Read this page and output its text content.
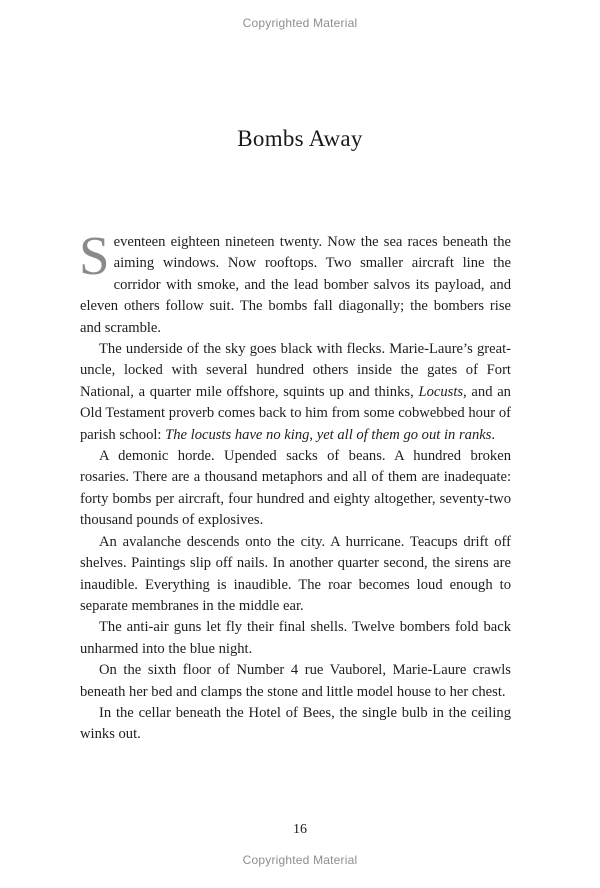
Copyrighted Material
Bombs Away

Seventeen eighteen nineteen twenty. Now the sea races beneath the aiming windows. Now rooftops. Two smaller aircraft line the corridor with smoke, and the lead bomber salvos its payload, and eleven others follow suit. The bombs fall diagonally; the bombers rise and scramble.

The underside of the sky goes black with flecks. Marie-Laure’s great-uncle, locked with several hundred others inside the gates of Fort National, a quarter mile offshore, squints up and thinks, Locusts, and an Old Testament proverb comes back to him from some cobwebbed hour of parish school: The locusts have no king, yet all of them go out in ranks.

A demonic horde. Upended sacks of beans. A hundred broken rosaries. There are a thousand metaphors and all of them are inadequate: forty bombs per aircraft, four hundred and eighty altogether, seventy-two thousand pounds of explosives.

An avalanche descends onto the city. A hurricane. Teacups drift off shelves. Paintings slip off nails. In another quarter second, the sirens are inaudible. Everything is inaudible. The roar becomes loud enough to separate membranes in the middle ear.

The anti-air guns let fly their final shells. Twelve bombers fold back unharmed into the blue night.

On the sixth floor of Number 4 rue Vauborel, Marie-Laure crawls beneath her bed and clamps the stone and little model house to her chest.

In the cellar beneath the Hotel of Bees, the single bulb in the ceiling winks out.

16
Copyrighted Material
